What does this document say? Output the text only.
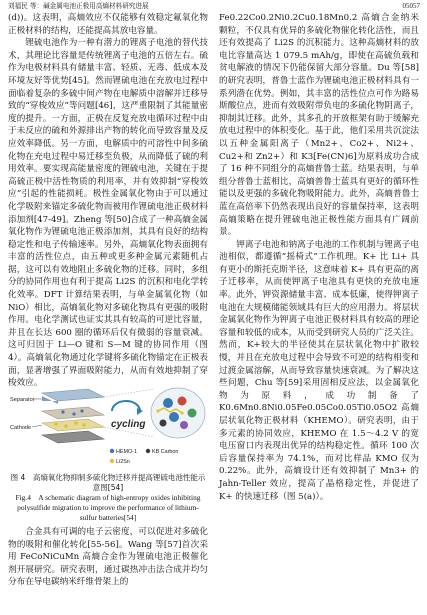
刘福民 等：碱金属电池正极用高熵材料研究进展	05057

(d))。这表明，高熵效应不仅能够有效稳定氟氧化物正极材料的结构，还能提高其放电容量。

锂硫电池作为一种有潜力的锂离子电池的替代技术，其理论比容量是传统锂离子电池的五倍左右。硫作为电极材料具有储量丰富、轻质、无毒、低成本及环境友好等优势[45]。然而锂硫电池在充放电过程中面临着复杂的多硫中间产物在电解质中溶解并迁移导致的“穿梭效应”等问题[46]，这严重限制了其能量密度的提升。一方面，正极在反复充放电循环过程中由于未反应的硫和外源排出产物的转化而导致容量及反应效率降低。另一方面，电解质中的可溶性中间多硫化物在充电过程中易迁移至负极，从而降低了硫的利用效率。要实现高能量密度的锂硫电池，关键在于提高硫正极中活性物质的利用率，并有效抑制“穿梭效应”引起的性能损耗。极性金属氧化物由于可以通过化学吸附来锚定多硫化物而被用作锂硫电池正极材料添加剂[47-49]。Zheng 等[50]合成了一种高熵金属氧化物作为锂硫电池正极添加剂，其具有良好的结构稳定性和电子传输速率。另外，高熵氧化物表面拥有丰富的活性位点，由五种或更多种金属元素随机占据，这可以有效地阻止多硫化物的迁移。同时，多组分的协同作用也有利于提高 Li2S 的沉积和电化学转化效率。DFT 计算结果表明，与单金属氧化物（如 NiO）相比，高熵氧化物对多硫化物具有更强的吸附作用。电化学测试也证实其具有较高的可逆比容量，并且在长达 600 圈的循环后仅有微弱的容量衰减。这可归因于 Li—O 键和 S—M 键的协同作用（图 4）。高熵氧化物通过化学键将多硫化物锚定在正极表面，显著增强了界面吸附能力，从而有效地抑制了穿梭效应。

Separator
Cathode	cycling
HEMO-1	KB Carbon
Li2Sn
图 4　高熵氧化物抑制多硫化物迁移并提高锂硫电池性能示意图[54]
Fig.4　A schematic diagram of high-entropy oxides inhibiting polysulfide migration to improve the performance of lithium-sulfur batteries[54]

合金具有可调的电子云密度，可以促进对多硫化物的吸附和催化转化[55-56]。Wang 等[57]首次采用 FeCoNiCuMn 高熵合金作为锂硫电池正极催化剂开展研究。研究表明，通过碳热冲击法合成并均匀分布在导电碳纳米纤维骨架上的

Fe0.22Co0.2Ni0.2Cu0.18Mn0.2 高熵合金纳米颗粒，不仅具有优异的多硫化物催化转化活性，而且还有效提高了 Li2S 的沉积能力。这种高熵材料的放电比容量高达 1 079.5 mAh/g，即使在高硫负载和贫电解液的情况下仍能保留大部分容量。Du 等[58]的研究表明，普鲁士蓝作为锂硫电池正极材料具有一系列潜在优势。例如，其丰富的活性位点可作为路易斯酸位点，进而有效吸附带负电的多硫化物阴离子，抑制其迁移。此外，其多孔的开放框架有助于缓解充放电过程中的体积变化。基于此，他们采用共沉淀法以五种金属阳离子（Mn2+、Co2+、Ni2+、Cu2+和 Zn2+）和 K3[Fe(CN)6]为原料成功合成了 16 种不同组分的高熵普鲁士蓝。结果表明，与单组分普鲁士蓝相比，高熵普鲁士蓝具有更好的循环性能以及更强的多硫化物吸附能力。此外，高熵普鲁士蓝在高倍率下仍然表现出良好的容量保持率，这表明高熵策略在提升锂硫电池正极性能方面具有广阔前景。

钾离子电池和钠离子电池的工作机制与锂离子电池相似，都遵循“摇椅式”工作机理。K+ 比 Li+ 具有更小的斯托克斯半径，这意味着 K+ 具有更高的离子迁移率，从而使钾离子电池具有更快的充放电速率。此外，钾资源储量丰富、成本低廉，使得钾离子电池在大规模储能领域具有巨大的应用潜力。将层状金属氧化物作为钾离子电池正极材料具有较高的理论容量和较低的成本，从而受到研究人员的广泛关注。然而，K+较大的半径使其在层状氧化物中扩散较慢，并且在充放电过程中会导致不可逆的结构相变和过渡金属溶解，从而导致容量快速衰减。为了解决这些问题，Chu 等[59]采用固相反应法，以金属氧化物为原料，成功制备了 K0.6Mn0.8Ni0.05Fe0.05Co0.05Ti0.05O2 高熵层状氧化物正极材料（KHEMO）。研究表明，由于多元素的协同效应，KHEMO 在 1.5～4.2 V 的宽电压窗口内表现出优异的结构稳定性。循环 100 次后容量保持率为 74.1%，而对比样品 KMO 仅为 0.22%。此外，高熵设计还有效抑制了 Mn3+ 的 Jahn-Teller 效应，提高了晶格稳定性，并促进了 K+ 的快速迁移（图 5(a)）。
